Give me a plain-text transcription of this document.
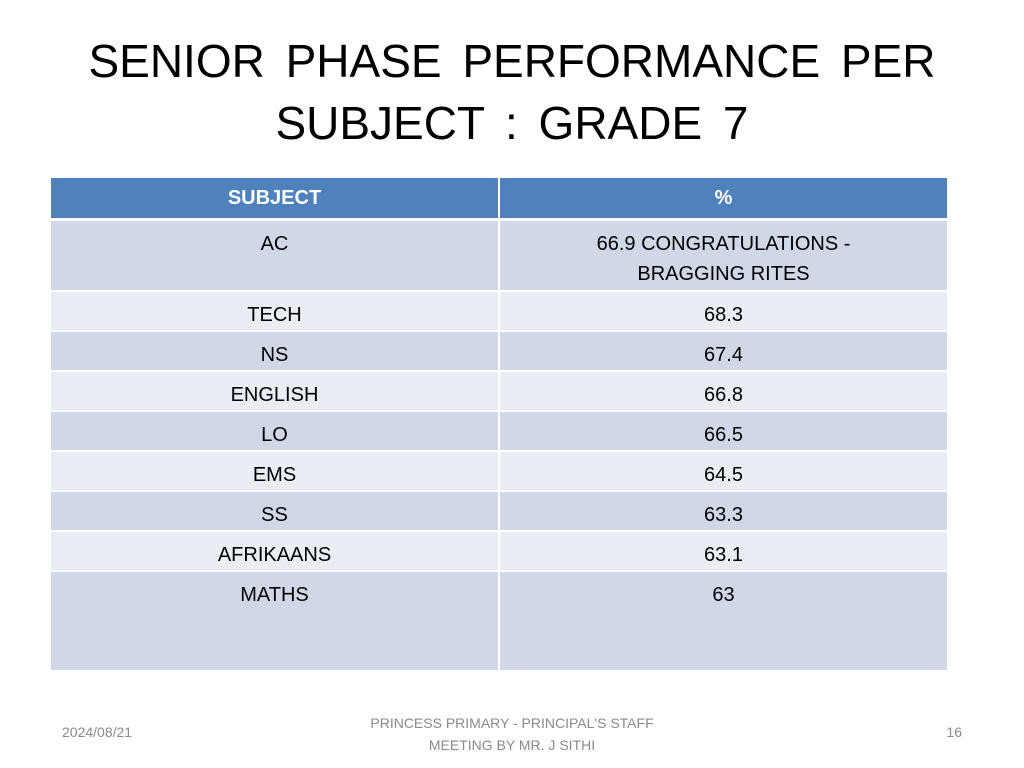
SENIOR PHASE PERFORMANCE PER
SUBJECT : GRADE 7
SUBJECT	%
AC	66.9 CONGRATULATIONS -
BRAGGING RITES

TECH	68.3
NS	67.4
ENGLISH	66.8
LO	66.5
EMS	64.5
SS	63.3
AFRIKAANS	63.1
MATHS	63
2024/08/21
PRINCESS PRIMARY - PRINCIPAL'S STAFF
MEETING BY MR. J SITHI
16
